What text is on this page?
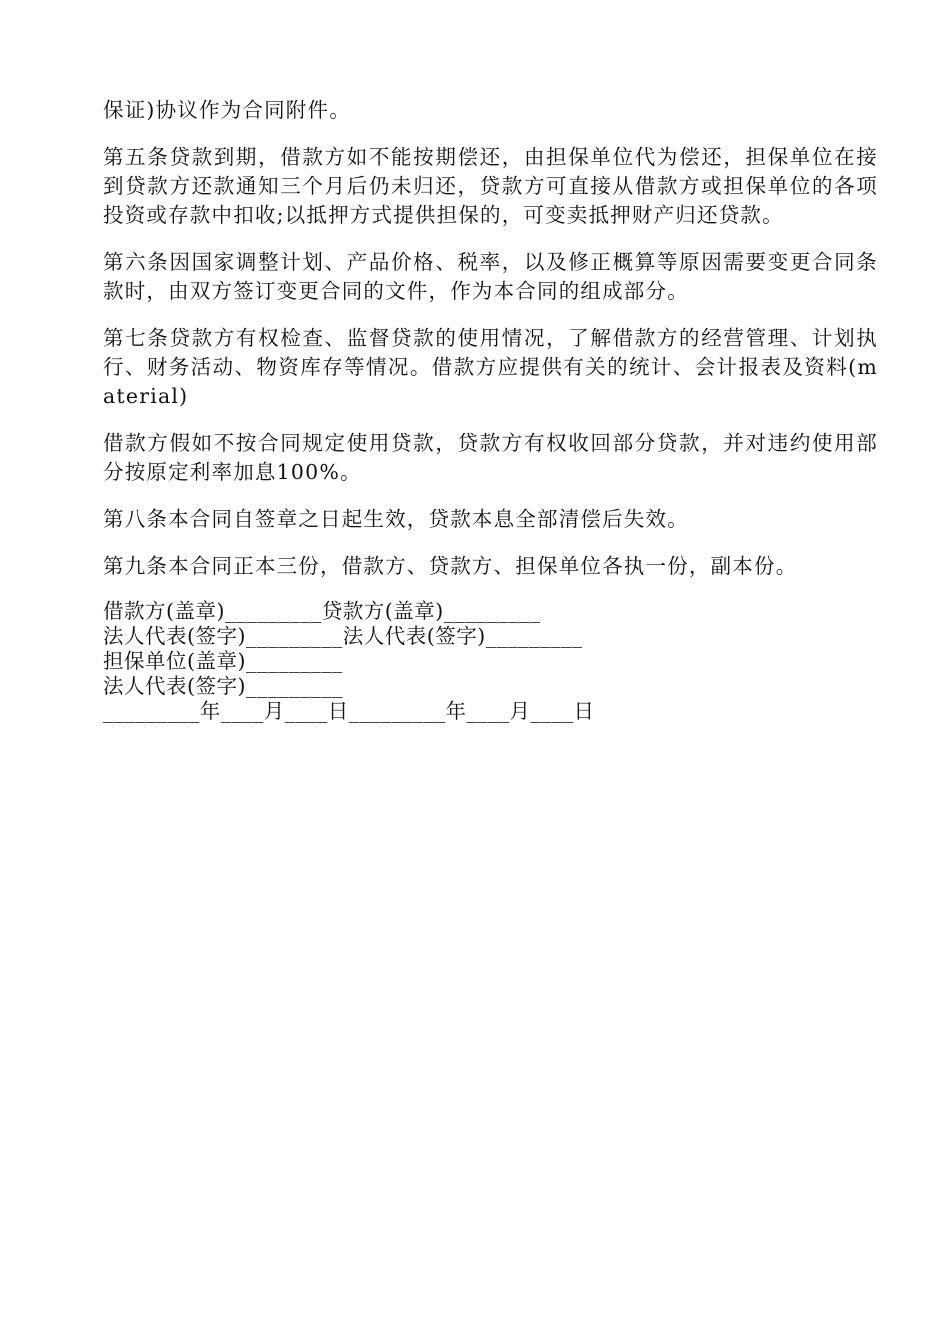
保证)协议作为合同附件。

第五条贷款到期，借款方如不能按期偿还，由担保单位代为偿还，担保单位在接到贷款方还款通知三个月后仍未归还，贷款方可直接从借款方或担保单位的各项投资或存款中扣收;以抵押方式提供担保的，可变卖抵押财产归还贷款。

第六条因国家调整计划、产品价格、税率，以及修正概算等原因需要变更合同条款时，由双方签订变更合同的文件，作为本合同的组成部分。

第七条贷款方有权检查、监督贷款的使用情况，了解借款方的经营管理、计划执行、财务活动、物资库存等情况。借款方应提供有关的统计、会计报表及资料(material)

借款方假如不按合同规定使用贷款，贷款方有权收回部分贷款，并对违约使用部分按原定利率加息100%。

第八条本合同自签章之日起生效，贷款本息全部清偿后失效。

第九条本合同正本三份，借款方、贷款方、担保单位各执一份，副本份。

借款方(盖章)_________贷款方(盖章)_________
法人代表(签字)_________法人代表(签字)_________
担保单位(盖章)_________
法人代表(签字)_________
_________年____月____日_________年____月____日
